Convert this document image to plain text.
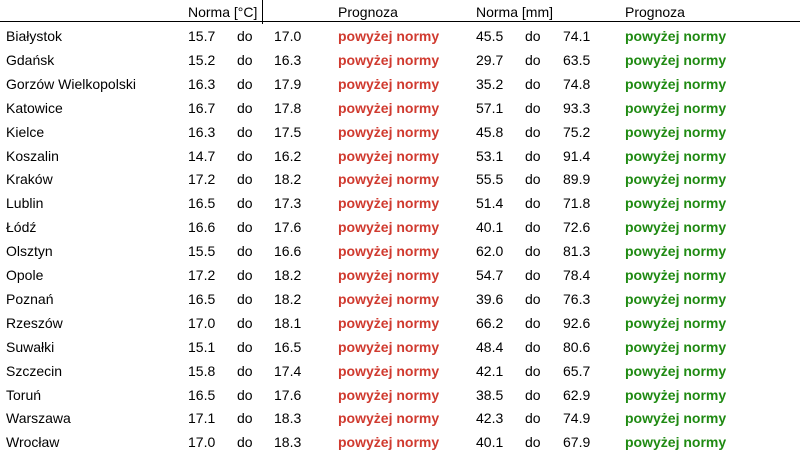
Norma [°C]	Prognoza	Norma [mm]	Prognoza
Białystok	15.7 do 17.0	powyżej normy	45.5 do 74.1 powyżej normy
Gdańsk	15.2 do 16.3	powyżej normy	29.7 do 63.5 powyżej normy
Gorzów Wielkopolski	16.3 do 17.9	powyżej normy	35.2 do 74.8 powyżej normy
Katowice	16.7 do 17.8	powyżej normy	57.1 do 93.3 powyżej normy
Kielce	16.3 do 17.5	powyżej normy	45.8 do 75.2 powyżej normy
Koszalin	14.7 do 16.2	powyżej normy	53.1 do 91.4 powyżej normy
Kraków	17.2 do 18.2	powyżej normy	55.5 do 89.9 powyżej normy
Lublin	16.5 do 17.3	powyżej normy	51.4 do 71.8 powyżej normy
Łódź	16.6 do 17.6	powyżej normy	40.1 do 72.6 powyżej normy
Olsztyn	15.5 do 16.6	powyżej normy	62.0 do 81.3 powyżej normy
Opole	17.2 do 18.2	powyżej normy	54.7 do 78.4 powyżej normy
Poznań	16.5 do 18.2	powyżej normy	39.6 do 76.3 powyżej normy
Rzeszów	17.0 do 18.1	powyżej normy	66.2 do 92.6 powyżej normy
Suwałki	15.1 do 16.5	powyżej normy	48.4 do 80.6 powyżej normy
Szczecin	15.8 do 17.4	powyżej normy	42.1 do 65.7 powyżej normy
Toruń	16.5 do 17.6	powyżej normy	38.5 do 62.9 powyżej normy
Warszawa	17.1 do 18.3	powyżej normy	42.3 do 74.9 powyżej normy
Wrocław	17.0 do 18.3	powyżej normy	40.1 do 67.9 powyżej normy
